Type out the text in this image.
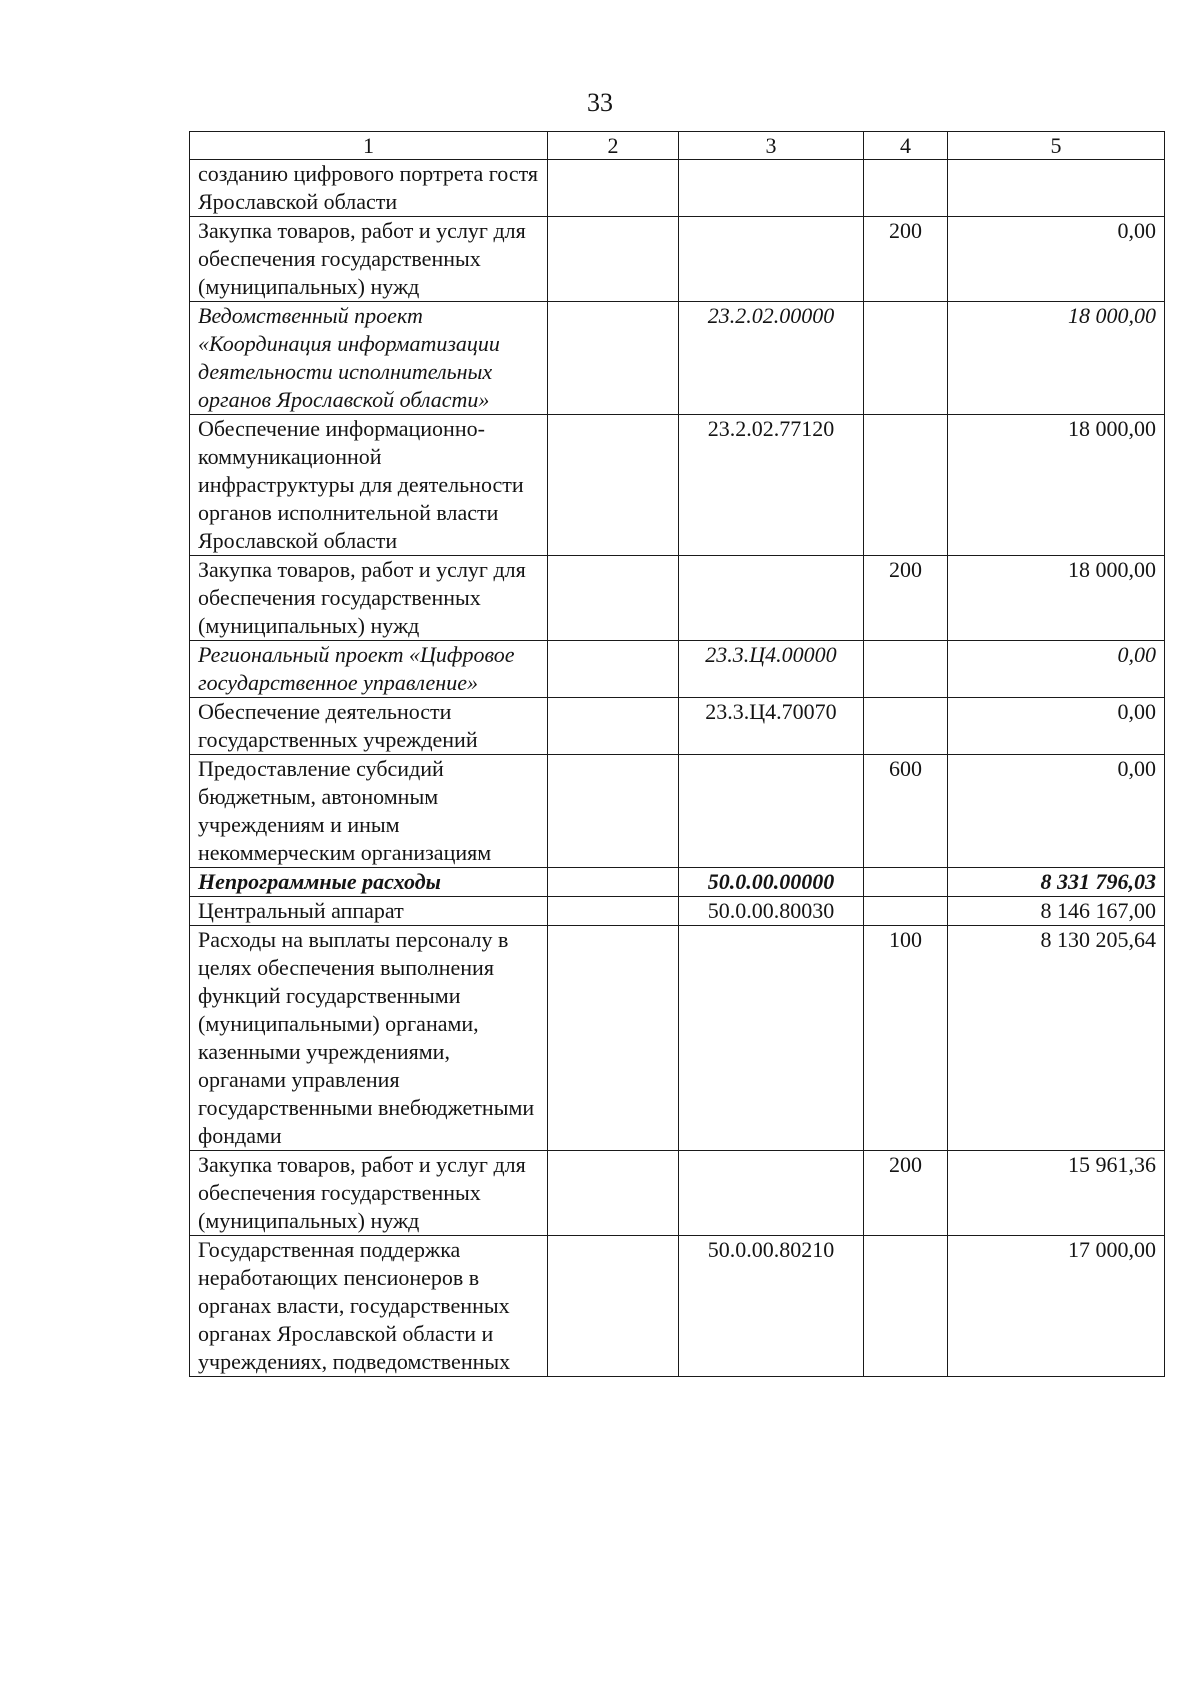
33
1	2	3	4	5
созданию цифрового портрета гостя Ярославской области				
Закупка товаров, работ и услуг для обеспечения государственных (муниципальных) нужд			200	0,00
Ведомственный проект «Координация информатизации деятельности исполнительных органов Ярославской области»		23.2.02.00000		18 000,00
Обеспечение информационно-коммуникационной инфраструктуры для деятельности органов исполнительной власти Ярославской области		23.2.02.77120		18 000,00
Закупка товаров, работ и услуг для обеспечения государственных (муниципальных) нужд			200	18 000,00
Региональный проект «Цифровое государственное управление»		23.3.Ц4.00000		0,00
Обеспечение деятельности государственных учреждений		23.3.Ц4.70070		0,00
Предоставление субсидий бюджетным, автономным учреждениям и иным некоммерческим организациям			600	0,00
Непрограммные расходы		50.0.00.00000		8 331 796,03
Центральный аппарат		50.0.00.80030		8 146 167,00
Расходы на выплаты персоналу в целях обеспечения выполнения функций государственными (муниципальными) органами, казенными учреждениями, органами управления государственными внебюджетными фондами			100	8 130 205,64
Закупка товаров, работ и услуг для обеспечения государственных (муниципальных) нужд			200	15 961,36
Государственная поддержка неработающих пенсионеров в органах власти, государственных органах Ярославской области и учреждениях, подведомственных		50.0.00.80210		17 000,00
